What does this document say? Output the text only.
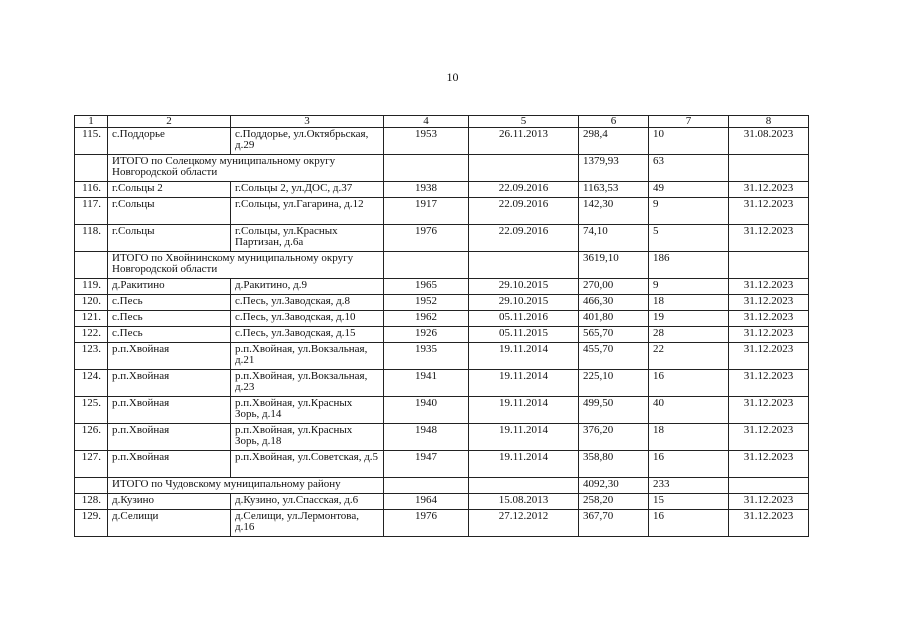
10
1	2	3	4	5	6	7	8
115.	с.Поддорье	с.Поддорье, ул.Октябрьская, д.29	1953	26.11.2013	298,4	10	31.08.2023
	ИТОГО по Солецкому муниципальному округу Новгородской области				1379,93	63	
116.	г.Сольцы 2	г.Сольцы 2, ул.ДОС, д.37	1938	22.09.2016	1163,53	49	31.12.2023
117.	г.Сольцы	г.Сольцы, ул.Гагарина, д.12	1917	22.09.2016	142,30	9	31.12.2023
118.	г.Сольцы	г.Сольцы, ул.Красных Партизан, д.6а	1976	22.09.2016	74,10	5	31.12.2023
	ИТОГО по Хвойнинскому муниципальному округу Новгородской области				3619,10	186	
119.	д.Ракитино	д.Ракитино, д.9	1965	29.10.2015	270,00	9	31.12.2023
120.	с.Песь	с.Песь, ул.Заводская, д.8	1952	29.10.2015	466,30	18	31.12.2023
121.	с.Песь	с.Песь, ул.Заводская, д.10	1962	05.11.2016	401,80	19	31.12.2023
122.	с.Песь	с.Песь, ул.Заводская, д.15	1926	05.11.2015	565,70	28	31.12.2023
123.	р.п.Хвойная	р.п.Хвойная, ул.Вокзальная, д.21	1935	19.11.2014	455,70	22	31.12.2023
124.	р.п.Хвойная	р.п.Хвойная, ул.Вокзальная, д.23	1941	19.11.2014	225,10	16	31.12.2023
125.	р.п.Хвойная	р.п.Хвойная, ул.Красных Зорь, д.14	1940	19.11.2014	499,50	40	31.12.2023
126.	р.п.Хвойная	р.п.Хвойная, ул.Красных Зорь, д.18	1948	19.11.2014	376,20	18	31.12.2023
127.	р.п.Хвойная	р.п.Хвойная, ул.Советская, д.5	1947	19.11.2014	358,80	16	31.12.2023
	ИТОГО по Чудовскому муниципальному району				4092,30	233	
128.	д.Кузино	д.Кузино, ул.Спасская, д.6	1964	15.08.2013	258,20	15	31.12.2023
129.	д.Селищи	д.Селищи, ул.Лермонтова, д.16	1976	27.12.2012	367,70	16	31.12.2023
